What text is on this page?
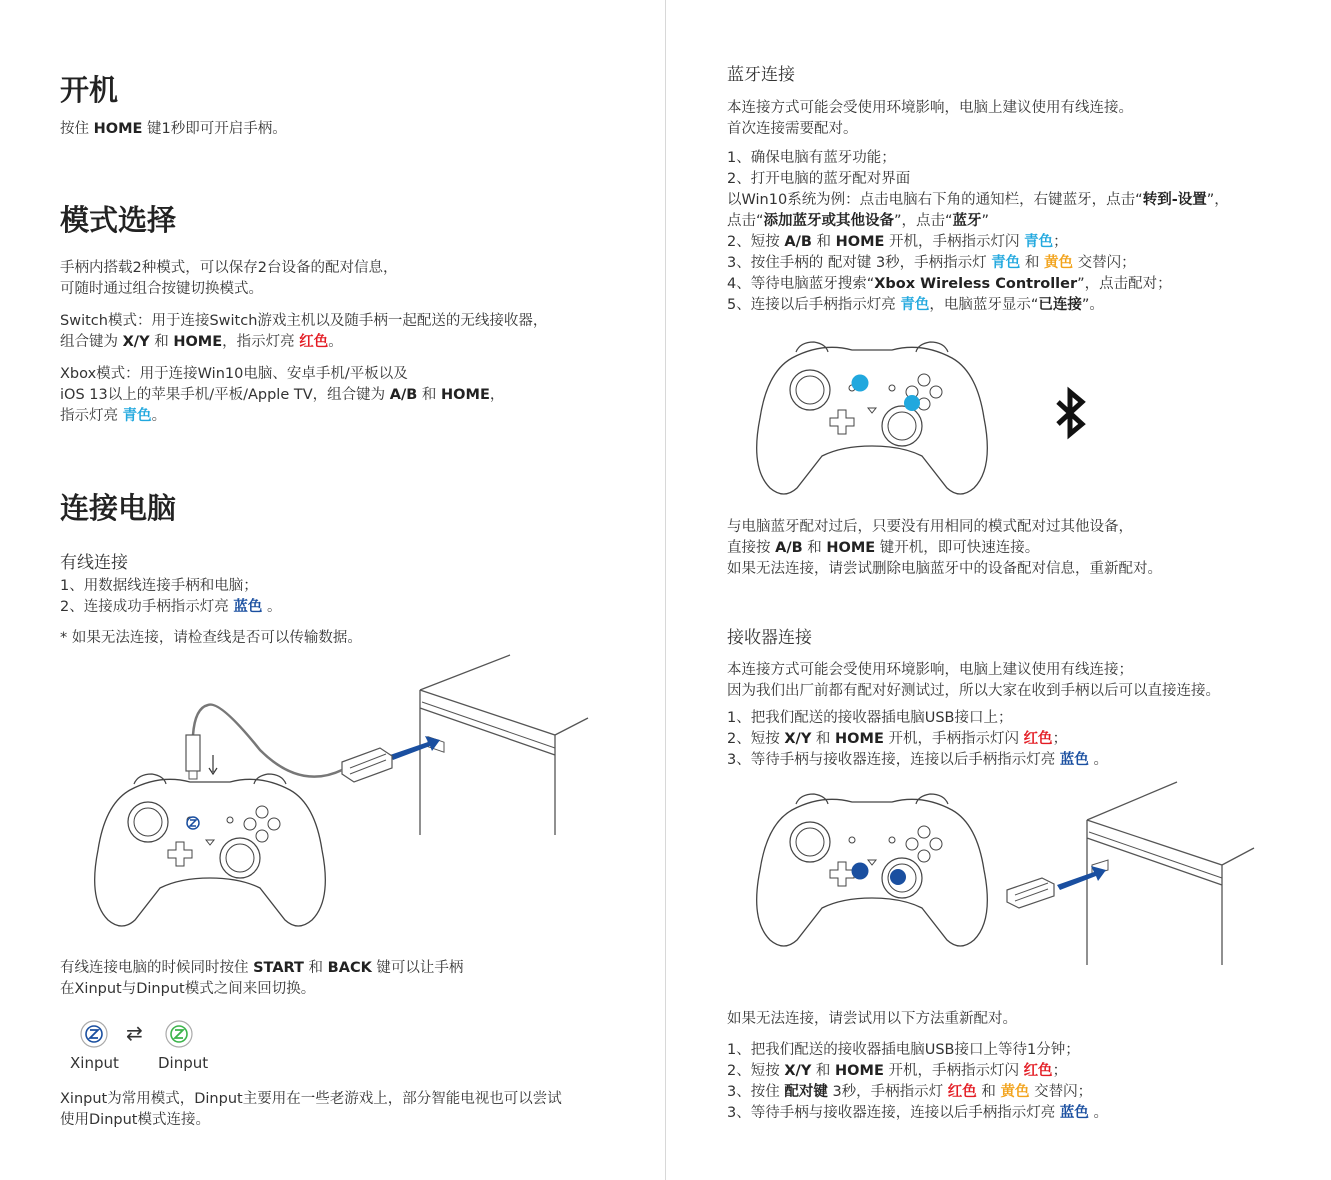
开机

按住 HOME 键1秒即可开启手柄。

模式选择

手柄内搭载2种模式，可以保存2台设备的配对信息，

可随时通过组合按键切换模式。

Switch模式：用于连接Switch游戏主机以及随手柄一起配送的无线接收器，

组合键为 X/Y 和 HOME，指示灯亮 红色。

Xbox模式：用于连接Win10电脑、安卓手机/平板以及

iOS 13以上的苹果手机/平板/Apple TV，组合键为 A/B 和 HOME，

指示灯亮 青色。

连接电脑
有线连接

1、用数据线连接手柄和电脑；

2、连接成功手柄指示灯亮 蓝色 。

* 如果无法连接，请检查线是否可以传输数据。

有线连接电脑的时候同时按住 START 和 BACK 键可以让手柄

在Xinput与Dinput模式之间来回切换。

⇄
Xinput	Dinput

Xinput为常用模式，Dinput主要用在一些老游戏上，部分智能电视也可以尝试

使用Dinput模式连接。

蓝牙连接

本连接方式可能会受使用环境影响，电脑上建议使用有线连接。

首次连接需要配对。

1、确保电脑有蓝牙功能；

2、打开电脑的蓝牙配对界面

以Win10系统为例：点击电脑右下角的通知栏，右键蓝牙，点击“转到-设置”，

点击“添加蓝牙或其他设备”，点击“蓝牙”

2、短按 A/B 和 HOME 开机，手柄指示灯闪 青色；

3、按住手柄的 配对键 3秒，手柄指示灯 青色 和 黄色 交替闪；

4、等待电脑蓝牙搜索“Xbox Wireless Controller”，点击配对；

5、连接以后手柄指示灯亮 青色，电脑蓝牙显示“已连接”。

与电脑蓝牙配对过后，只要没有用相同的模式配对过其他设备，

直接按 A/B 和 HOME 键开机，即可快速连接。

如果无法连接，请尝试删除电脑蓝牙中的设备配对信息，重新配对。

接收器连接

本连接方式可能会受使用环境影响，电脑上建议使用有线连接；

因为我们出厂前都有配对好测试过，所以大家在收到手柄以后可以直接连接。

1、把我们配送的接收器插电脑USB接口上；

2、短按 X/Y 和 HOME 开机，手柄指示灯闪 红色；

3、等待手柄与接收器连接，连接以后手柄指示灯亮 蓝色 。

如果无法连接，请尝试用以下方法重新配对。

1、把我们配送的接收器插电脑USB接口上等待1分钟；

2、短按 X/Y 和 HOME 开机，手柄指示灯闪 红色；

3、按住 配对键 3秒，手柄指示灯 红色 和 黄色 交替闪；

3、等待手柄与接收器连接，连接以后手柄指示灯亮 蓝色 。
